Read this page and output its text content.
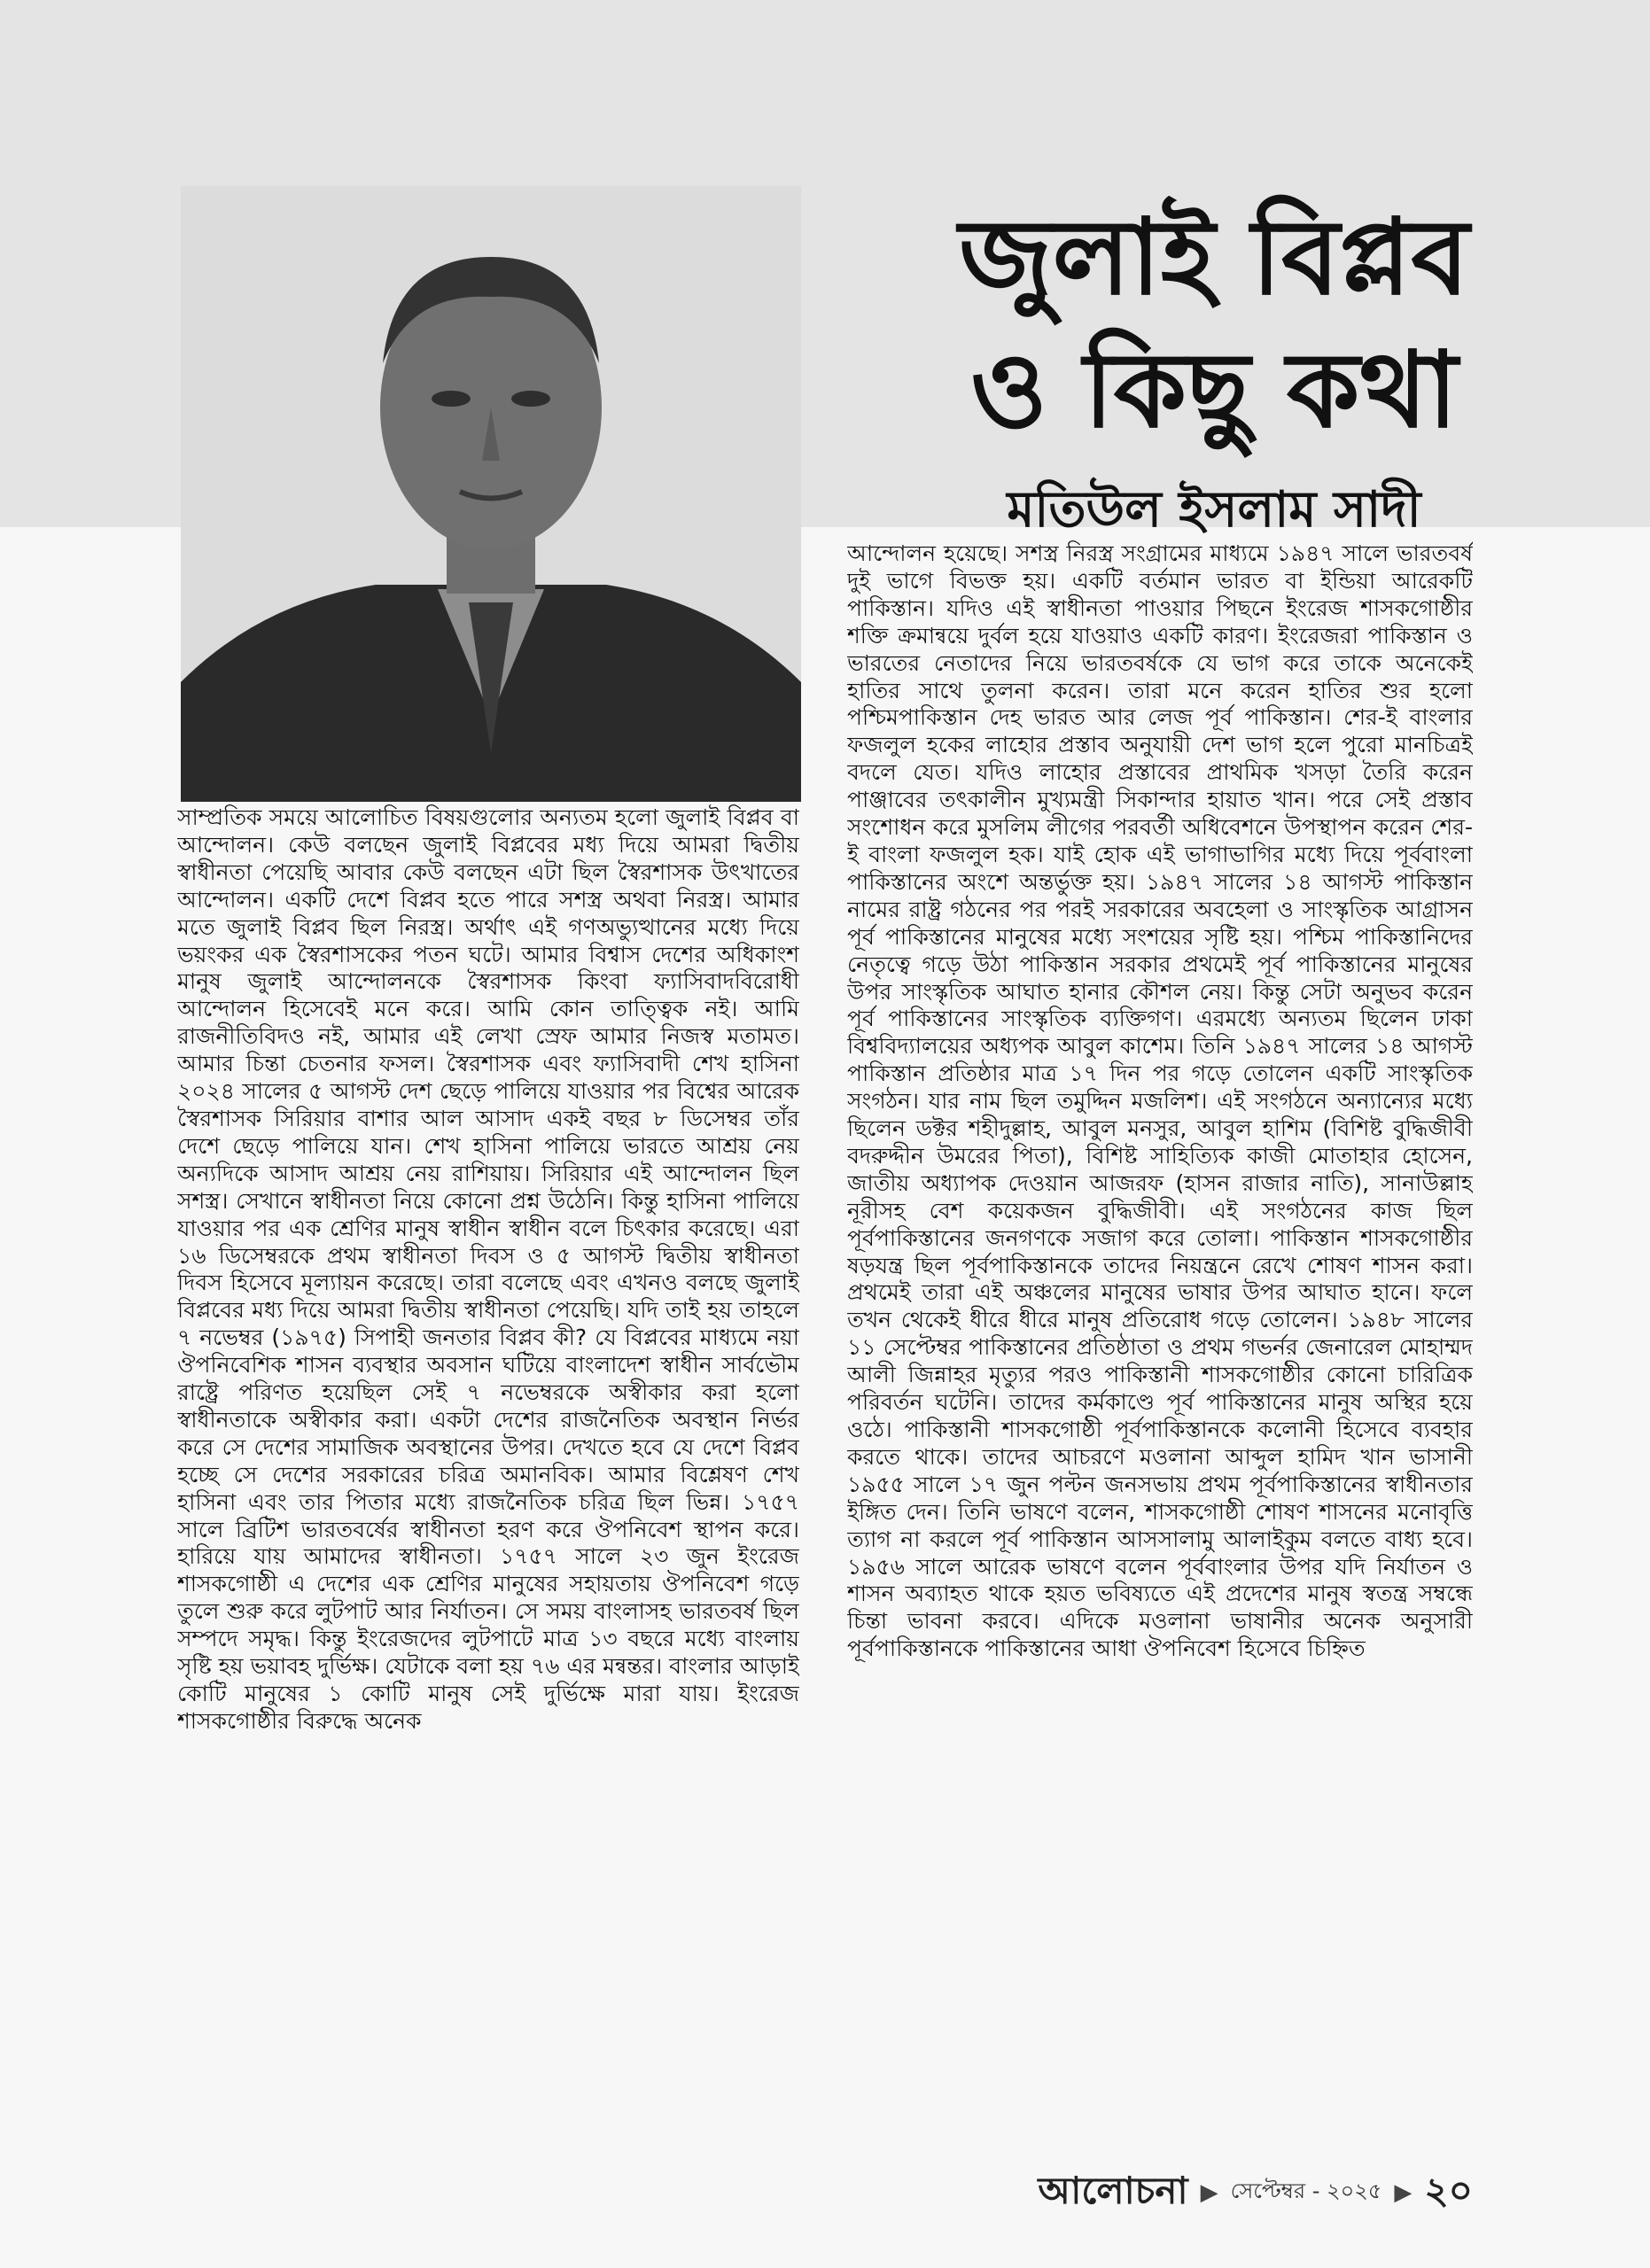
জুলাই বিপ্লব
ও কিছু কথা
মতিউল ইসলাম সাদী

সাম্প্রতিক সময়ে আলোচিত বিষয়গুলোর অন্যতম হলো জুলাই বিপ্লব বা আন্দোলন। কেউ বলছেন জুলাই বিপ্লবের মধ্য দিয়ে আমরা দ্বিতীয় স্বাধীনতা পেয়েছি আবার কেউ বলছেন এটা ছিল স্বৈরশাসক উৎখাতের আন্দোলন। একটি দেশে বিপ্লব হতে পারে সশস্ত্র অথবা নিরস্ত্র। আমার মতে জুলাই বিপ্লব ছিল নিরস্ত্র। অর্থাৎ এই গণঅভ্যুত্থানের মধ্যে দিয়ে ভয়ংকর এক স্বৈরশাসকের পতন ঘটে। আমার বিশ্বাস দেশের অধিকাংশ মানুষ জুলাই আন্দোলনকে স্বৈরশাসক কিংবা ফ্যাসিবাদবিরোধী আন্দোলন হিসেবেই মনে করে। আমি কোন তাত্ত্বিক নই। আমি রাজনীতিবিদও নই, আমার এই লেখা স্রেফ আমার নিজস্ব মতামত। আমার চিন্তা চেতনার ফসল। স্বৈরশাসক এবং ফ্যাসিবাদী শেখ হাসিনা ২০২৪ সালের ৫ আগস্ট দেশ ছেড়ে পালিয়ে যাওয়ার পর বিশ্বের আরেক স্বৈরশাসক সিরিয়ার বাশার আল আসাদ একই বছর ৮ ডিসেম্বর তাঁর দেশে ছেড়ে পালিয়ে যান। শেখ হাসিনা পালিয়ে ভারতে আশ্রয় নেয় অন্যদিকে আসাদ আশ্রয় নেয় রাশিয়ায়। সিরিয়ার এই আন্দোলন ছিল সশস্ত্র। সেখানে স্বাধীনতা নিয়ে কোনো প্রশ্ন উঠেনি। কিন্তু হাসিনা পালিয়ে যাওয়ার পর এক শ্রেণির মানুষ স্বাধীন স্বাধীন বলে চিৎকার করেছে। এরা ১৬ ডিসেম্বরকে প্রথম স্বাধীনতা দিবস ও ৫ আগস্ট দ্বিতীয় স্বাধীনতা দিবস হিসেবে মূল্যায়ন করেছে। তারা বলেছে এবং এখনও বলছে জুলাই বিপ্লবের মধ্য দিয়ে আমরা দ্বিতীয় স্বাধীনতা পেয়েছি। যদি তাই হয় তাহলে ৭ নভেম্বর (১৯৭৫) সিপাহী জনতার বিপ্লব কী? যে বিপ্লবের মাধ্যমে নয়া ঔপনিবেশিক শাসন ব্যবস্থার অবসান ঘটিয়ে বাংলাদেশ স্বাধীন সার্বভৌম রাষ্ট্রে পরিণত হয়েছিল সেই ৭ নভেম্বরকে অস্বীকার করা হলো স্বাধীনতাকে অস্বীকার করা। একটা দেশের রাজনৈতিক অবস্থান নির্ভর করে সে দেশের সামাজিক অবস্থানের উপর। দেখতে হবে যে দেশে বিপ্লব হচ্ছে সে দেশের সরকারের চরিত্র অমানবিক। আমার বিশ্লেষণ শেখ হাসিনা এবং তার পিতার মধ্যে রাজনৈতিক চরিত্র ছিল ভিন্ন। ১৭৫৭ সালে ব্রিটিশ ভারতবর্ষের স্বাধীনতা হরণ করে ঔপনিবেশ স্থাপন করে। হারিয়ে যায় আমাদের স্বাধীনতা। ১৭৫৭ সালে ২৩ জুন ইংরেজ শাসকগোষ্ঠী এ দেশের এক শ্রেণির মানুষের সহায়তায় ঔপনিবেশ গড়ে তুলে শুরু করে লুটপাট আর নির্যাতন। সে সময় বাংলাসহ ভারতবর্ষ ছিল সম্পদে সমৃদ্ধ। কিন্তু ইংরেজদের লুটপাটে মাত্র ১৩ বছরে মধ্যে বাংলায় সৃষ্টি হয় ভয়াবহ দুর্ভিক্ষ। যেটাকে বলা হয় ৭৬ এর মন্বন্তর। বাংলার আড়াই কোটি মানুষের ১ কোটি মানুষ সেই দুর্ভিক্ষে মারা যায়। ইংরেজ শাসকগোষ্ঠীর বিরুদ্ধে অনেক

আন্দোলন হয়েছে। সশস্ত্র নিরস্ত্র সংগ্রামের মাধ্যমে ১৯৪৭ সালে ভারতবর্ষ দুই ভাগে বিভক্ত হয়। একটি বর্তমান ভারত বা ইন্ডিয়া আরেকটি পাকিস্তান। যদিও এই স্বাধীনতা পাওয়ার পিছনে ইংরেজ শাসকগোষ্ঠীর শক্তি ক্রমান্বয়ে দুর্বল হয়ে যাওয়াও একটি কারণ। ইংরেজরা পাকিস্তান ও ভারতের নেতাদের নিয়ে ভারতবর্ষকে যে ভাগ করে তাকে অনেকেই হাতির সাথে তুলনা করেন। তারা মনে করেন হাতির শুর হলো পশ্চিমপাকিস্তান দেহ ভারত আর লেজ পূর্ব পাকিস্তান। শের-ই বাংলার ফজলুল হকের লাহোর প্রস্তাব অনুযায়ী দেশ ভাগ হলে পুরো মানচিত্রই বদলে যেত। যদিও লাহোর প্রস্তাবের প্রাথমিক খসড়া তৈরি করেন পাঞ্জাবের তৎকালীন মুখ্যমন্ত্রী সিকান্দার হায়াত খান। পরে সেই প্রস্তাব সংশোধন করে মুসলিম লীগের পরবর্তী অধিবেশনে উপস্থাপন করেন শের-ই বাংলা ফজলুল হক। যাই হোক এই ভাগাভাগির মধ্যে দিয়ে পূর্ববাংলা পাকিস্তানের অংশে অন্তর্ভুক্ত হয়। ১৯৪৭ সালের ১৪ আগস্ট পাকিস্তান নামের রাষ্ট্র গঠনের পর পরই সরকারের অবহেলা ও সাংস্কৃতিক আগ্রাসন পূর্ব পাকিস্তানের মানুষের মধ্যে সংশয়ের সৃষ্টি হয়। পশ্চিম পাকিস্তানিদের নেতৃত্বে গড়ে উঠা পাকিস্তান সরকার প্রথমেই পূর্ব পাকিস্তানের মানুষের উপর সাংস্কৃতিক আঘাত হানার কৌশল নেয়। কিন্তু সেটা অনুভব করেন পূর্ব পাকিস্তানের সাংস্কৃতিক ব্যক্তিগণ। এরমধ্যে অন্যতম ছিলেন ঢাকা বিশ্ববিদ্যালয়ের অধ্যপক আবুল কাশেম। তিনি ১৯৪৭ সালের ১৪ আগস্ট পাকিস্তান প্রতিষ্ঠার মাত্র ১৭ দিন পর গড়ে তোলেন একটি সাংস্কৃতিক সংগঠন। যার নাম ছিল তমুদ্দিন মজলিশ। এই সংগঠনে অন্যান্যের মধ্যে ছিলেন ডক্টর শহীদুল্লাহ, আবুল মনসুর, আবুল হাশিম (বিশিষ্ট বুদ্ধিজীবী বদরুদ্দীন উমরের পিতা), বিশিষ্ট সাহিত্যিক কাজী মোতাহার হোসেন, জাতীয় অধ্যাপক দেওয়ান আজরফ (হাসন রাজার নাতি), সানাউল্লাহ নূরীসহ বেশ কয়েকজন বুদ্ধিজীবী। এই সংগঠনের কাজ ছিল পূর্বপাকিস্তানের জনগণকে সজাগ করে তোলা। পাকিস্তান শাসকগোষ্ঠীর ষড়যন্ত্র ছিল পূর্বপাকিস্তানকে তাদের নিয়ন্ত্রনে রেখে শোষণ শাসন করা। প্রথমেই তারা এই অঞ্চলের মানুষের ভাষার উপর আঘাত হানে। ফলে তখন থেকেই ধীরে ধীরে মানুষ প্রতিরোধ গড়ে তোলেন। ১৯৪৮ সালের ১১ সেপ্টেম্বর পাকিস্তানের প্রতিষ্ঠাতা ও প্রথম গভর্নর জেনারেল মোহাম্মদ আলী জিন্নাহর মৃত্যুর পরও পাকিস্তানী শাসকগোষ্ঠীর কোনো চারিত্রিক পরিবর্তন ঘটেনি। তাদের কর্মকাণ্ডে পূর্ব পাকিস্তানের মানুষ অস্থির হয়ে ওঠে। পাকিস্তানী শাসকগোষ্ঠী পূর্বপাকিস্তানকে কলোনী হিসেবে ব্যবহার করতে থাকে। তাদের আচরণে মওলানা আব্দুল হামিদ খান ভাসানী ১৯৫৫ সালে ১৭ জুন পল্টন জনসভায় প্রথম পূর্বপাকিস্তানের স্বাধীনতার ইঙ্গিত দেন। তিনি ভাষণে বলেন, শাসকগোষ্ঠী শোষণ শাসনের মনোবৃত্তি ত্যাগ না করলে পূর্ব পাকিস্তান আসসালামু আলাইকুম বলতে বাধ্য হবে। ১৯৫৬ সালে আরেক ভাষণে বলেন পূর্ববাংলার উপর যদি নির্যাতন ও শাসন অব্যাহত থাকে হয়ত ভবিষ্যতে এই প্রদেশের মানুষ স্বতন্ত্র সম্বন্ধে চিন্তা ভাবনা করবে। এদিকে মওলানা ভাষানীর অনেক অনুসারী পূর্বপাকিস্তানকে পাকিস্তানের আধা ঔপনিবেশ হিসেবে চিহ্নিত

আলোচনা ▶ সেপ্টেম্বর - ২০২৫ ▶ ২০
